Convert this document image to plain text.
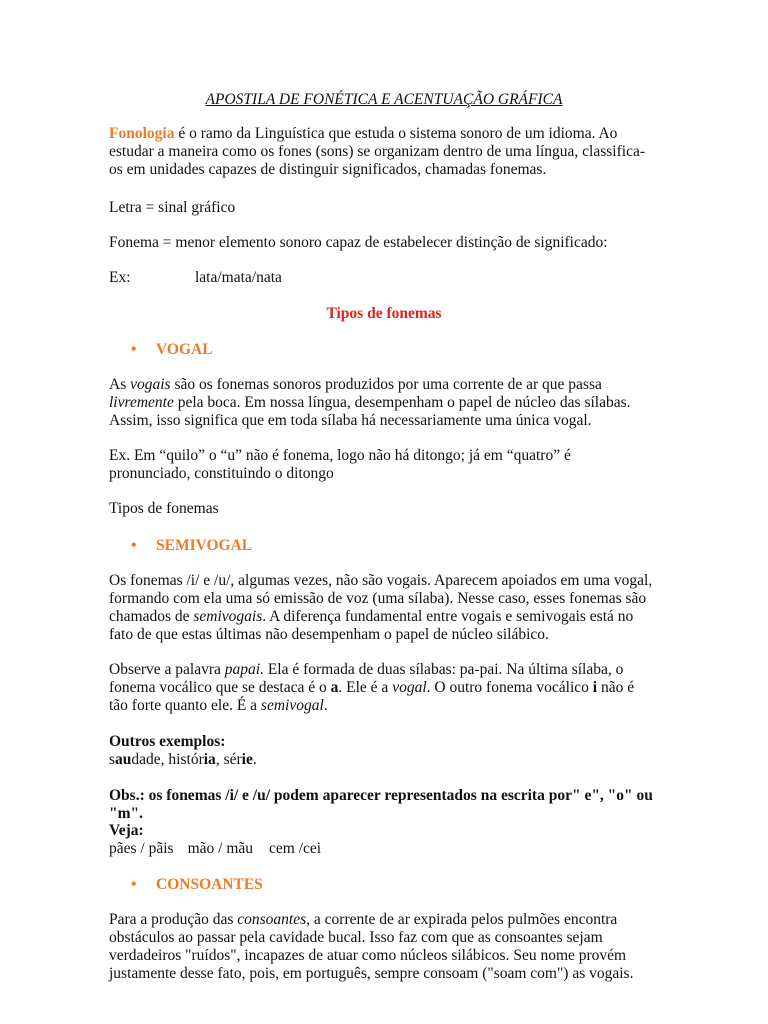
APOSTILA DE FONÉTICA E ACENTUAÇÃO GRÁFICA
Fonologia é o ramo da Linguística que estuda o sistema sonoro de um idioma. Ao estudar a maneira como os fones (sons) se organizam dentro de uma língua, classifica-os em unidades capazes de distinguir significados, chamadas fonemas.
Letra = sinal gráfico
Fonema = menor elemento sonoro capaz de estabelecer distinção de significado:
Ex:	lata/mata/nata
Tipos de fonemas
• VOGAL
As vogais são os fonemas sonoros produzidos por uma corrente de ar que passa livremente pela boca. Em nossa língua, desempenham o papel de núcleo das sílabas. Assim, isso significa que em toda sílaba há necessariamente uma única vogal.
Ex. Em “quilo” o “u” não é fonema, logo não há ditongo; já em “quatro” é pronunciado, constituindo o ditongo
Tipos de fonemas
• SEMIVOGAL
Os fonemas /i/ e /u/, algumas vezes, não são vogais. Aparecem apoiados em uma vogal, formando com ela uma só emissão de voz (uma sílaba). Nesse caso, esses fonemas são chamados de semivogais. A diferença fundamental entre vogais e semivogais está no fato de que estas últimas não desempenham o papel de núcleo silábico.
Observe a palavra papai. Ela é formada de duas sílabas: pa-pai. Na última sílaba, o fonema vocálico que se destaca é o a. Ele é a vogal. O outro fonema vocálico i não é tão forte quanto ele. É a semivogal.
Outros exemplos:
saudade, história, série.
Obs.: os fonemas /i/ e /u/ podem aparecer representados na escrita por" e", "o" ou "m".
Veja:
pães / pãis mão / mãu cem /cei
• CONSOANTES
Para a produção das consoantes, a corrente de ar expirada pelos pulmões encontra obstáculos ao passar pela cavidade bucal. Isso faz com que as consoantes sejam verdadeiros "ruídos", incapazes de atuar como núcleos silábicos. Seu nome provém justamente desse fato, pois, em português, sempre consoam ("soam com") as vogais.
